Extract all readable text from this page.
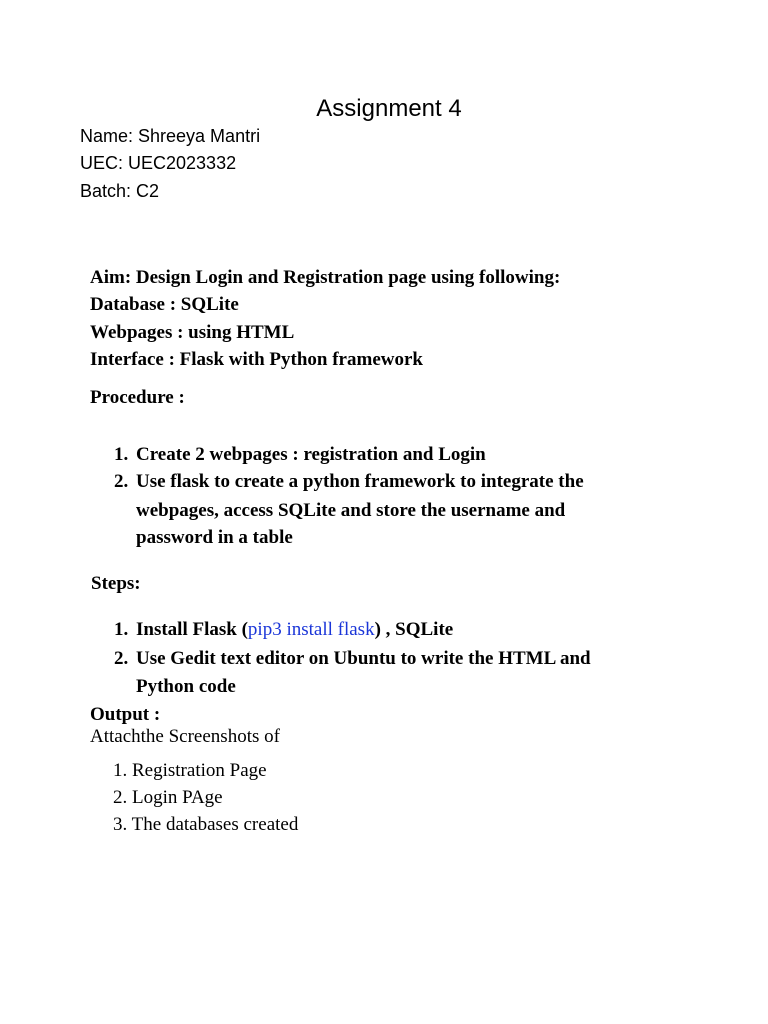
Assignment 4
Name: Shreeya Mantri
UEC: UEC2023332
Batch: C2
Aim: Design Login and Registration page using following:
Database : SQLite
Webpages : using HTML
Interface : Flask with Python framework
Procedure :
1. Create 2 webpages : registration and Login
2. Use flask to create a python framework to integrate the
webpages, access SQLite and store the username and
password in a table
Steps:
1. Install Flask (pip3 install flask) , SQLite
2. Use Gedit text editor on Ubuntu to write the HTML and
Python code
Output :
Attachthe Screenshots of
1. Registration Page
2. Login PAge
3. The databases created
